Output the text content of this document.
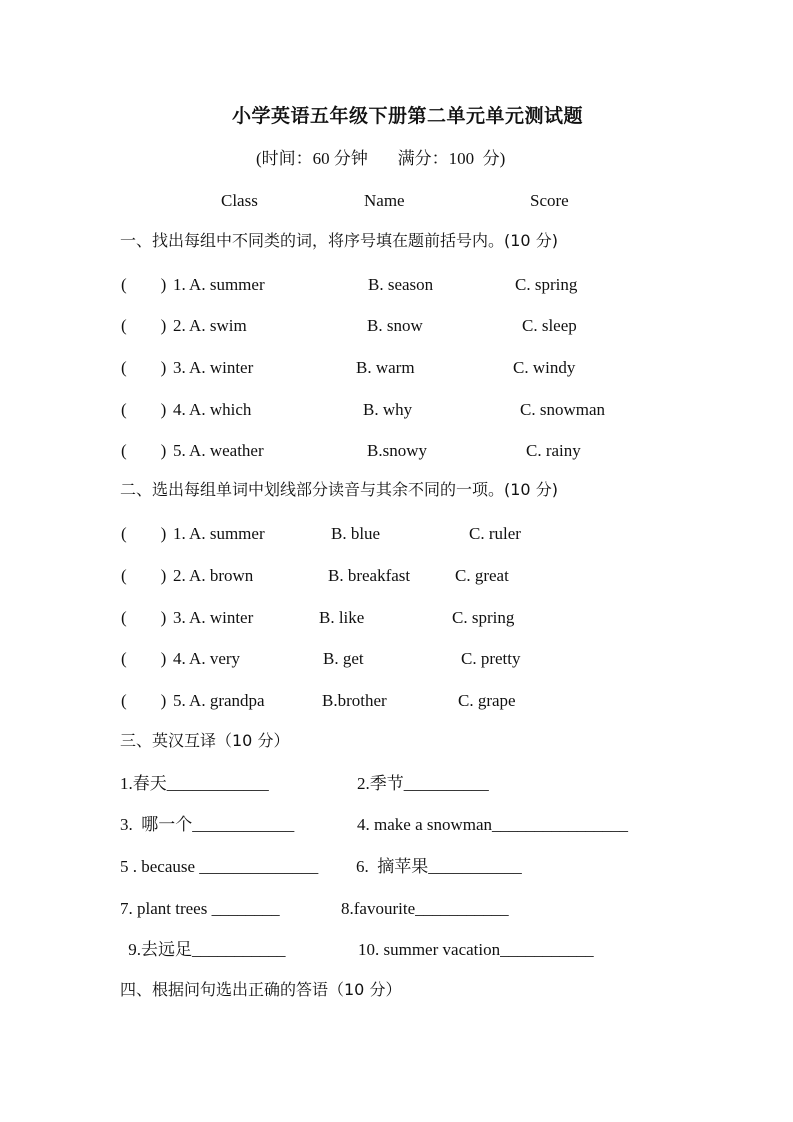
小学英语五年级下册第二单元单元测试题
(时间：60 分钟       满分：100  分)
Class	Name	Score
一、找出每组中不同类的词，将序号填在题前括号内。(10 分)
(        ) 1. A. summer	B. season	C. spring
(        ) 2. A. swim	B. snow	C. sleep
(        ) 3. A. winter	B. warm	C. windy
(        ) 4. A. which	B. why	C. snowman
(        ) 5. A. weather	B.snowy	C. rainy
二、选出每组单词中划线部分读音与其余不同的一项。(10 分)
(        ) 1. A. summer	B. blue	C. ruler
(        ) 2. A. brown	B. breakfast	C. great
(        ) 3. A. winter	B. like	C. spring
(        ) 4. A. very	B. get	C. pretty
(        ) 5. A. grandpa	B.brother	C. grape
三、英汉互译（10 分）
1.春天____________	2.季节__________
3.  哪一个____________	4. make a snowman________________
5 . because ______________ 6.  摘苹果___________
7. plant trees ________	8.favourite___________
9.去远足___________	10. summer vacation___________
四、根据问句选出正确的答语（10 分）
